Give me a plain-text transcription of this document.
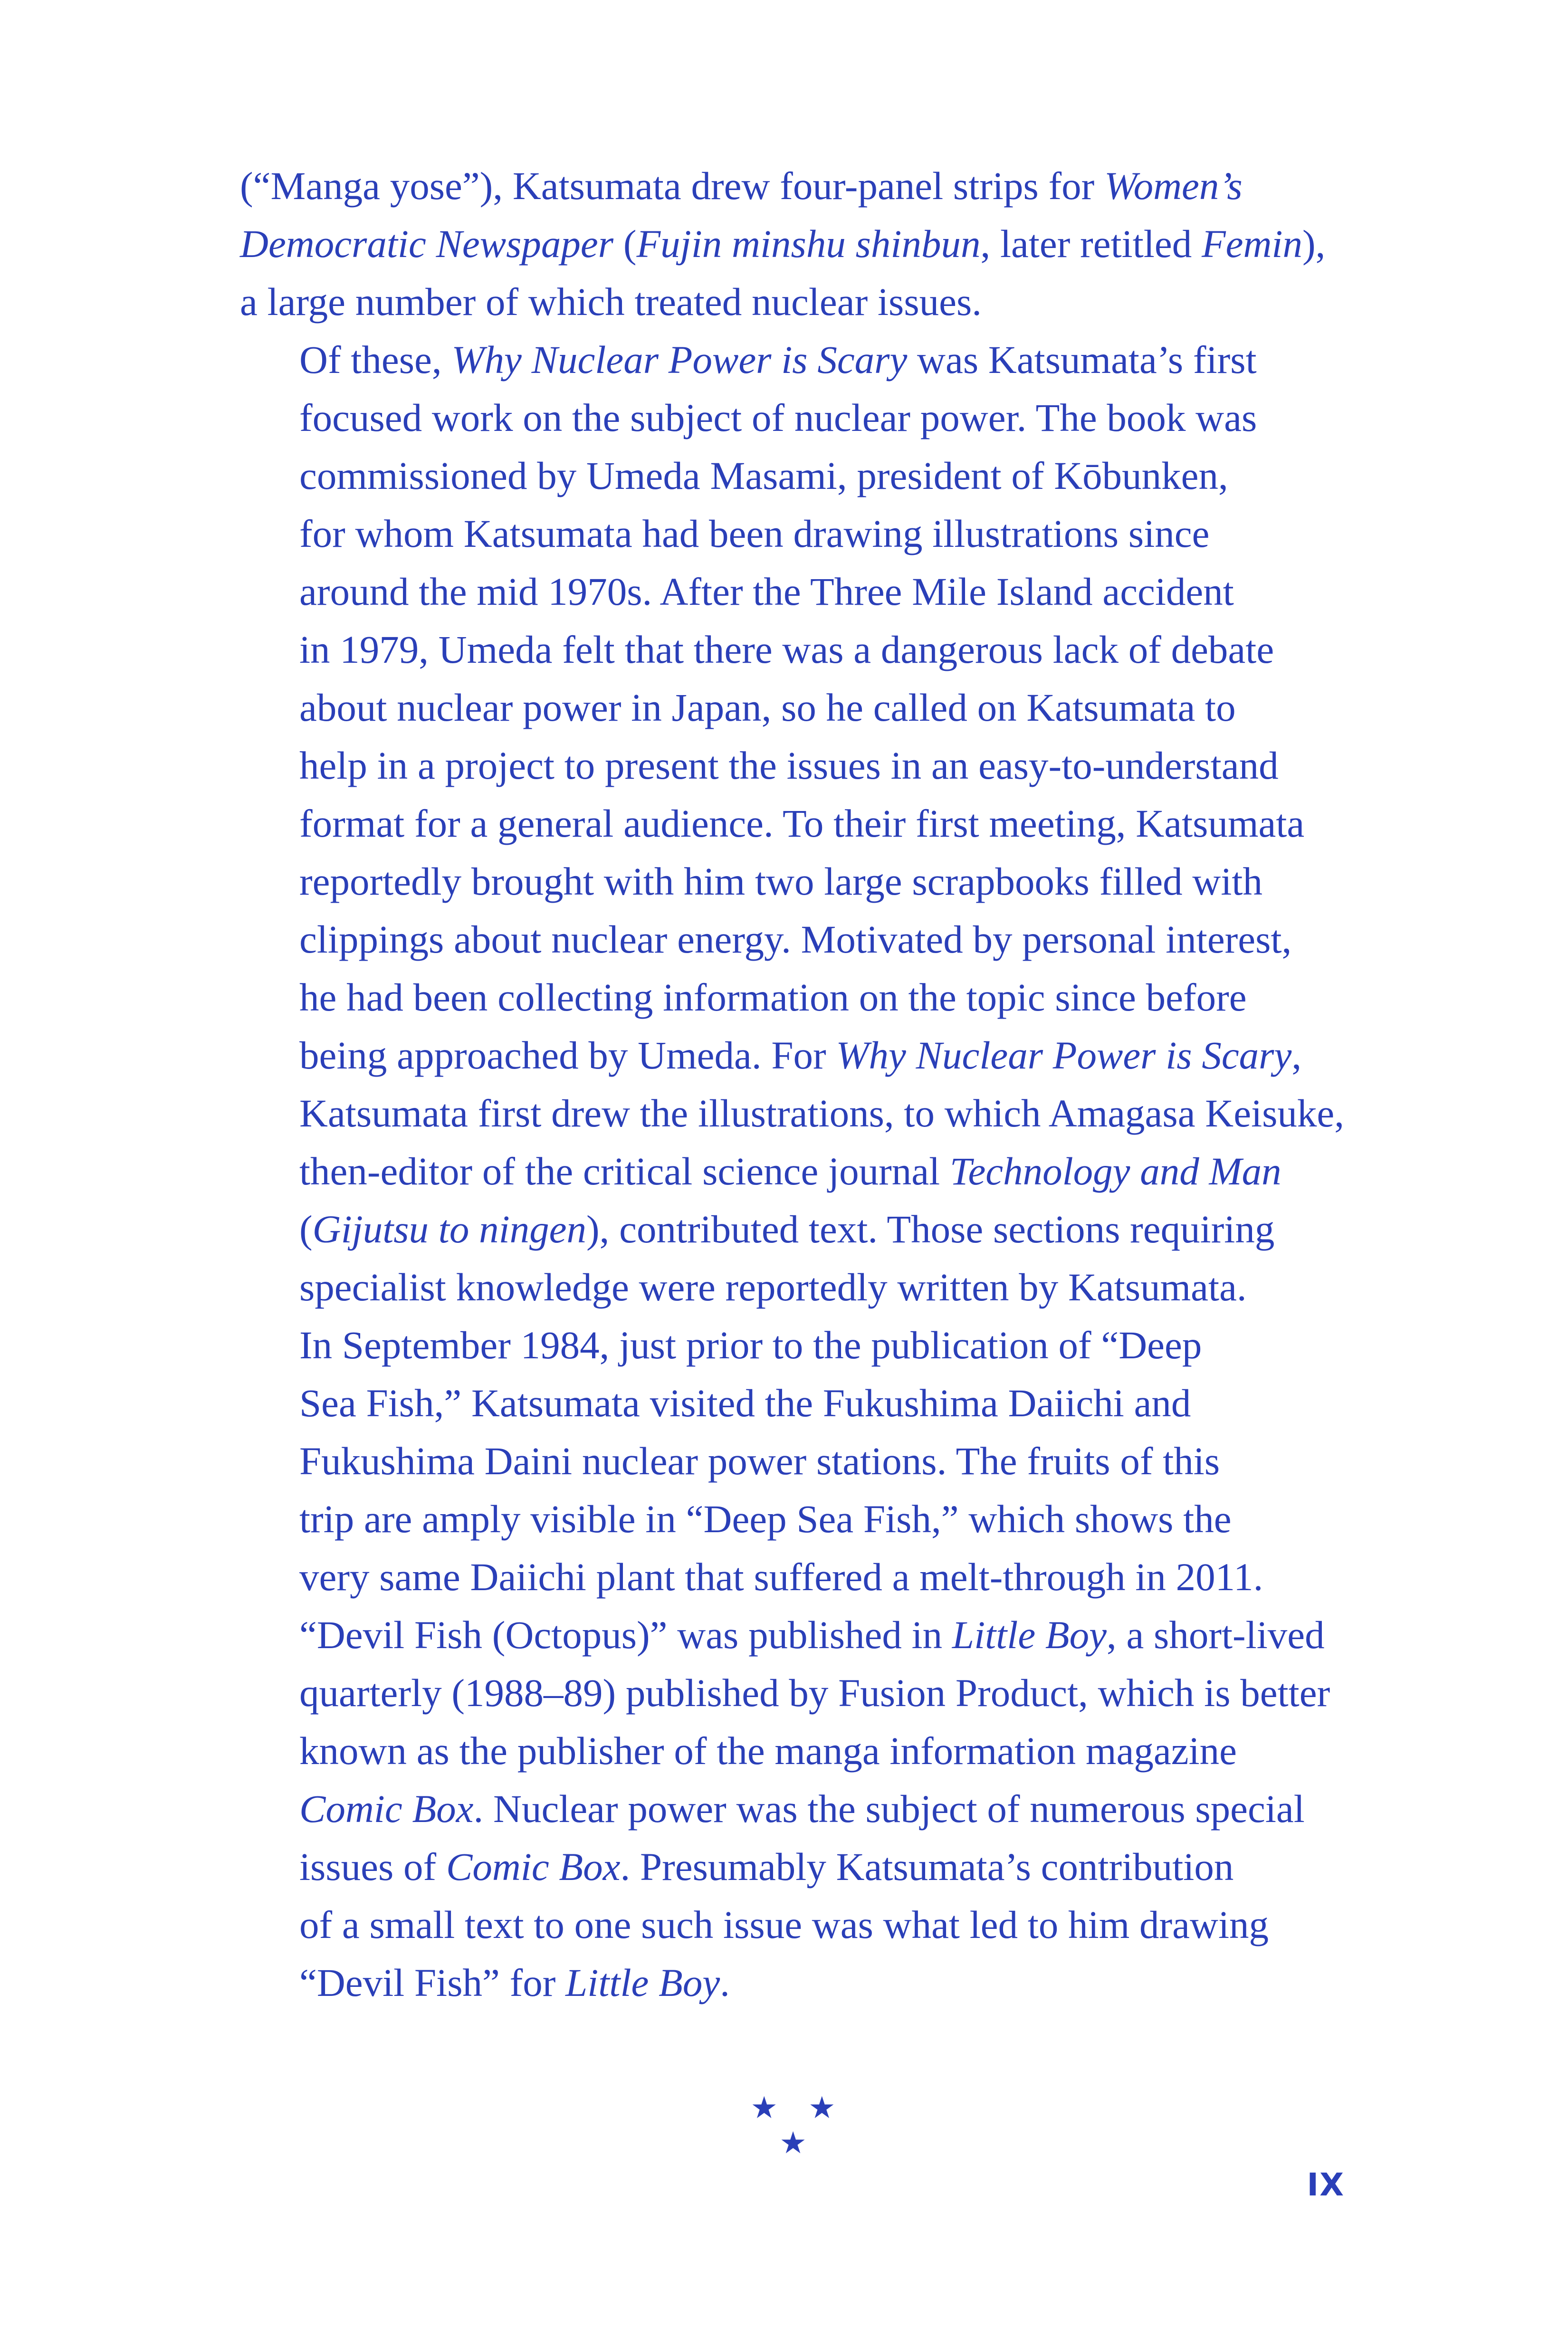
(“Manga yose”), Katsumata drew four-panel strips for Women’s
Democratic Newspaper (Fujin minshu shinbun, later retitled Femin),
a large number of which treated nuclear issues.

Of these, Why Nuclear Power is Scary was Katsumata’s first
focused work on the subject of nuclear power. The book was
commissioned by Umeda Masami, president of Kōbunken,
for whom Katsumata had been drawing illustrations since
around the mid 1970s. After the Three Mile Island accident
in 1979, Umeda felt that there was a dangerous lack of debate
about nuclear power in Japan, so he called on Katsumata to
help in a project to present the issues in an easy-to-understand
format for a general audience. To their first meeting, Katsumata
reportedly brought with him two large scrapbooks filled with
clippings about nuclear energy. Motivated by personal interest,
he had been collecting information on the topic since before
being approached by Umeda. For Why Nuclear Power is Scary,
Katsumata first drew the illustrations, to which Amagasa Keisuke,
then-editor of the critical science journal Technology and Man
(Gijutsu to ningen), contributed text. Those sections requiring
specialist knowledge were reportedly written by Katsumata.

In September 1984, just prior to the publication of “Deep
Sea Fish,” Katsumata visited the Fukushima Daiichi and
Fukushima Daini nuclear power stations. The fruits of this
trip are amply visible in “Deep Sea Fish,” which shows the
very same Daiichi plant that suffered a melt-through in 2011.
“Devil Fish (Octopus)” was published in Little Boy, a short-lived
quarterly (1988–89) published by Fusion Product, which is better
known as the publisher of the manga information magazine
Comic Box. Nuclear power was the subject of numerous special
issues of Comic Box. Presumably Katsumata’s contribution
of a small text to one such issue was what led to him drawing
“Devil Fish” for Little Boy.

★ ★ ★
IX
